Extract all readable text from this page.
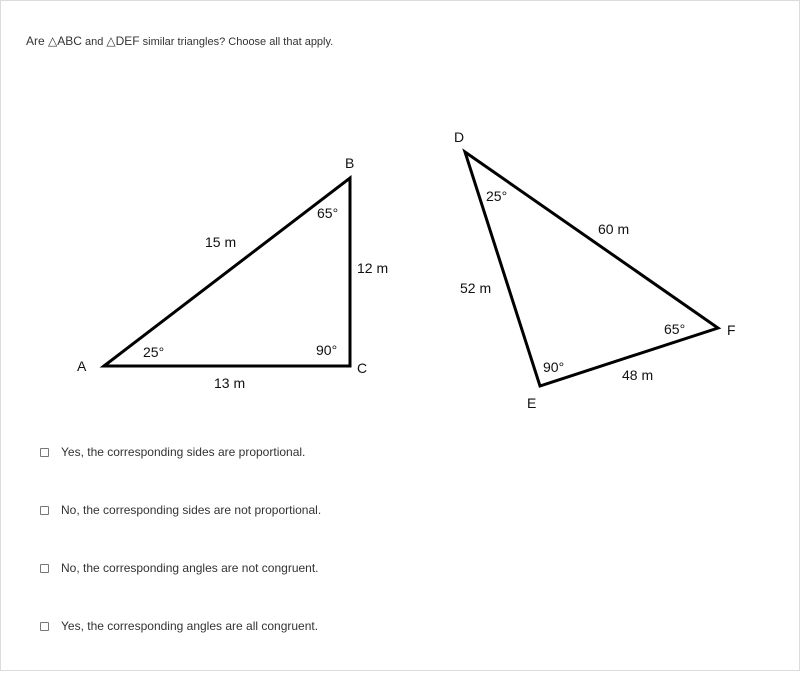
Are △ABC and △DEF similar triangles? Choose all that apply.
A
B
C
15 m
12 m
13 m
25°
65°
90°
D
E
F
52 m
60 m
48 m
25°
90°
65°
Yes, the corresponding sides are proportional.
No, the corresponding sides are not proportional.
No, the corresponding angles are not congruent.
Yes, the corresponding angles are all congruent.
